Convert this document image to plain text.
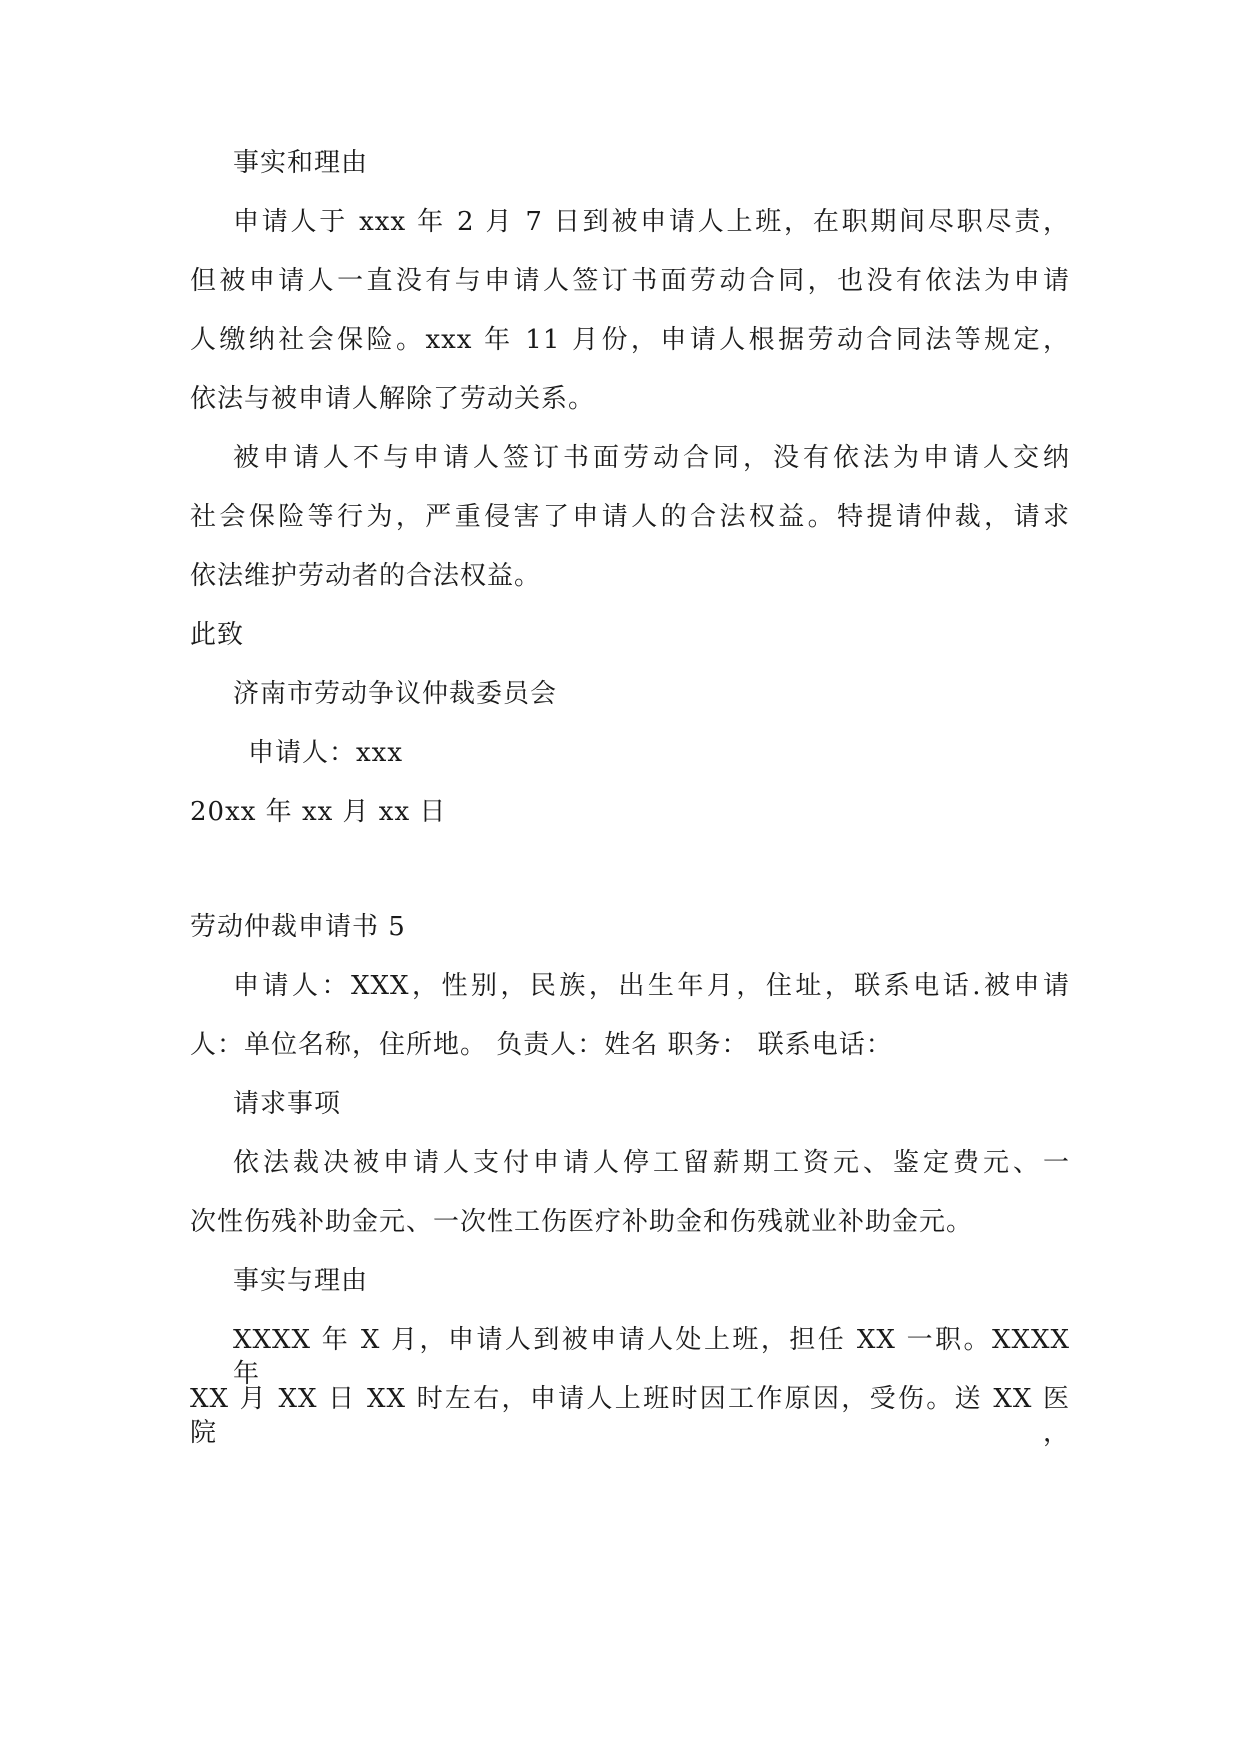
事实和理由
申请人于 xxx 年 2 月 7 日到被申请人上班，在职期间尽职尽责，
但被申请人一直没有与申请人签订书面劳动合同，也没有依法为申请
人缴纳社会保险。xxx 年 11 月份，申请人根据劳动合同法等规定，
依法与被申请人解除了劳动关系。
被申请人不与申请人签订书面劳动合同，没有依法为申请人交纳
社会保险等行为，严重侵害了申请人的合法权益。特提请仲裁，请求
依法维护劳动者的合法权益。
此致
济南市劳动争议仲裁委员会
申请人：xxx
20xx 年 xx 月 xx 日
劳动仲裁申请书 5
申请人：XXX，性别，民族，出生年月，住址，联系电话.被申请
人：单位名称，住所地。 负责人：姓名 职务： 联系电话：
请求事项
依法裁决被申请人支付申请人停工留薪期工资元、鉴定费元、一
次性伤残补助金元、一次性工伤医疗补助金和伤残就业补助金元。
事实与理由
XXXX 年 X 月，申请人到被申请人处上班，担任 XX 一职。XXXX 年
XX 月 XX 日 XX 时左右，申请人上班时因工作原因，受伤。送 XX 医院，
